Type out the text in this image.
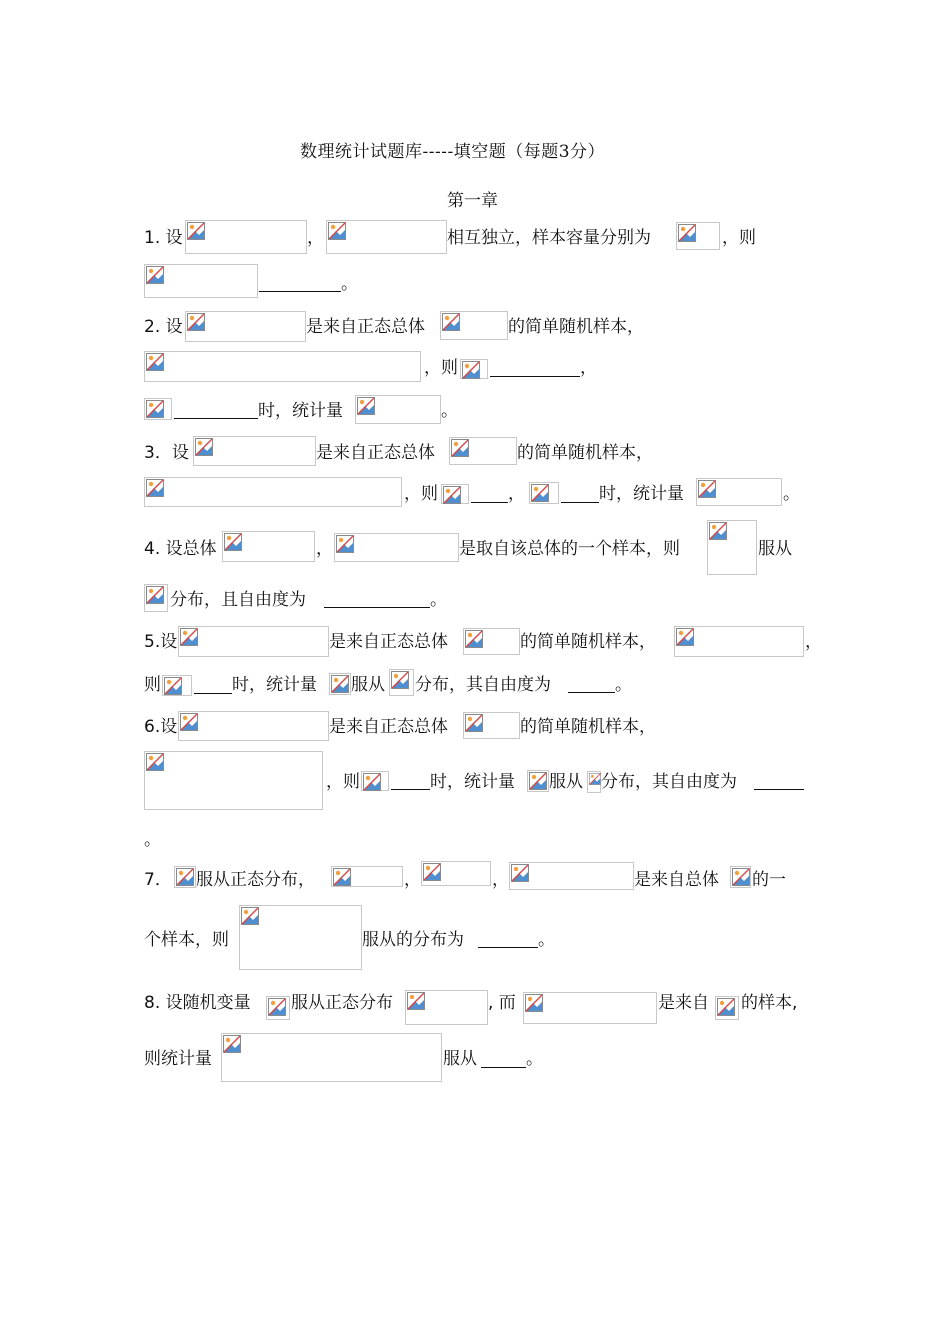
数理统计试题库-----填空题（每题3分）
第一章
1. 设	，	相互独立，样本容量分别为	，则
。
2. 设	是来自正态总体	的简单随机样本，
，则	，
时，统计量	。
3．设	是来自正态总体	的简单随机样本，
，则	，	时，统计量	。
4. 设总体	，	是取自该总体的一个样本，则	服从
分布，且自由度为	。
5.设	是来自正态总体	的简单随机样本，	，
则	时，统计量 服从 分布，其自由度为	。
6.设	是来自正态总体	的简单随机样本，
，则	时，统计量 服从 分布，其自由度为
。
7． 服从正态分布，	，	，	是来自总体 的一
个样本，则	服从的分布为	。
8. 设随机变量 服从正态分布	, 而	是来自 的样本,
则统计量	服从	。
